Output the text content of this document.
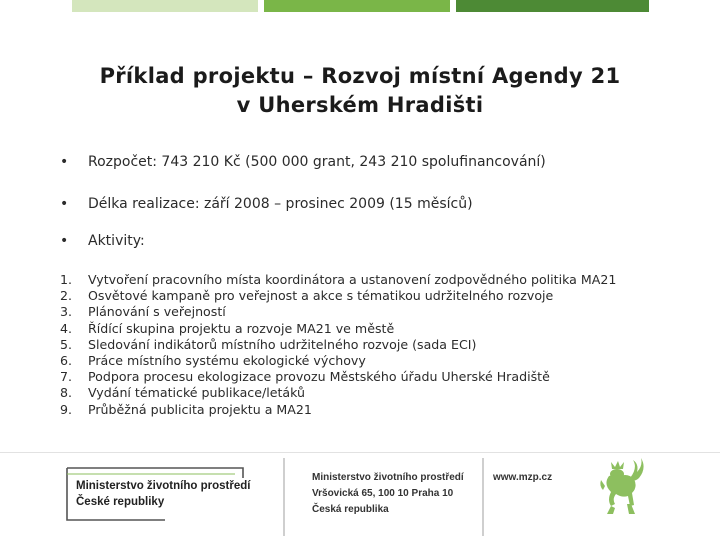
Příklad projektu – Rozvoj místní Agendy 21
v Uherském Hradišti
• Rozpočet: 743 210 Kč (500 000 grant, 243 210 spolufinancování)
• Délka realizace: září 2008 – prosinec 2009 (15 měsíců)
• Aktivity:
1. Vytvoření pracovního místa koordinátora a ustanovení zodpovědného politika MA21
2. Osvětové kampaně pro veřejnost a akce s tématikou udržitelného rozvoje
3. Plánování s veřejností
4. Řídící skupina projektu a rozvoje MA21 ve městě
5. Sledování indikátorů místního udržitelného rozvoje (sada ECI)
6. Práce místního systému ekologické výchovy
7. Podpora procesu ekologizace provozu Městského úřadu Uherské Hradiště
8. Vydání tématické publikace/letáků
9. Průběžná publicita projektu a MA21
Ministerstvo životního prostředí
České republiky
Ministerstvo životního prostředí
Vršovická 65, 100 10 Praha 10
Česká republika
www.mzp.cz
